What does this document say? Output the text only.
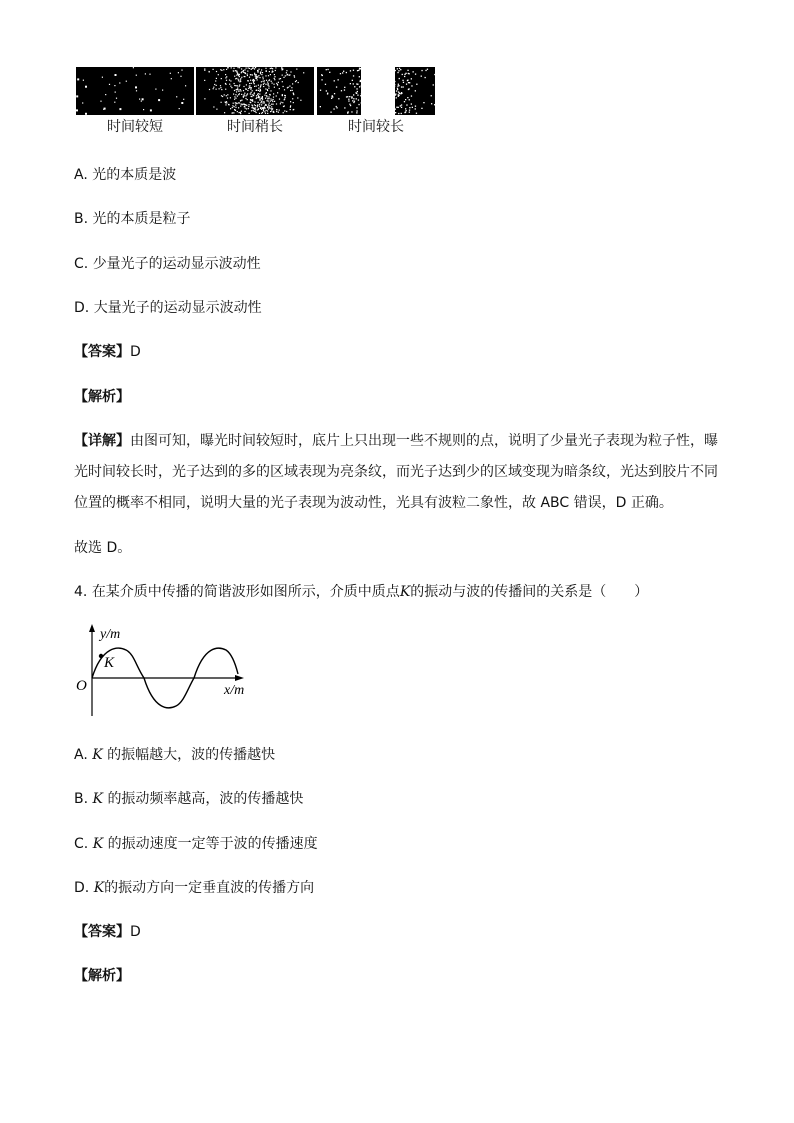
时间较短	时间稍长	时间较长
A. 光的本质是波
B. 光的本质是粒子
C. 少量光子的运动显示波动性
D. 大量光子的运动显示波动性
【答案】D
【解析】
【详解】由图可知，曝光时间较短时，底片上只出现一些不规则的点，说明了少量光子表现为粒子性，曝
光时间较长时，光子达到的多的区域表现为亮条纹，而光子达到少的区域变现为暗条纹，光达到胶片不同
位置的概率不相同，说明大量的光子表现为波动性，光具有波粒二象性，故 ABC 错误，D 正确。
故选 D。
4. 在某介质中传播的简谐波形如图所示，介质中质点K的振动与波的传播间的关系是（　　）
y/m
K
O	x/m
A. K 的振幅越大，波的传播越快
B. K 的振动频率越高，波的传播越快
C. K 的振动速度一定等于波的传播速度
D. K的振动方向一定垂直波的传播方向
【答案】D
【解析】
